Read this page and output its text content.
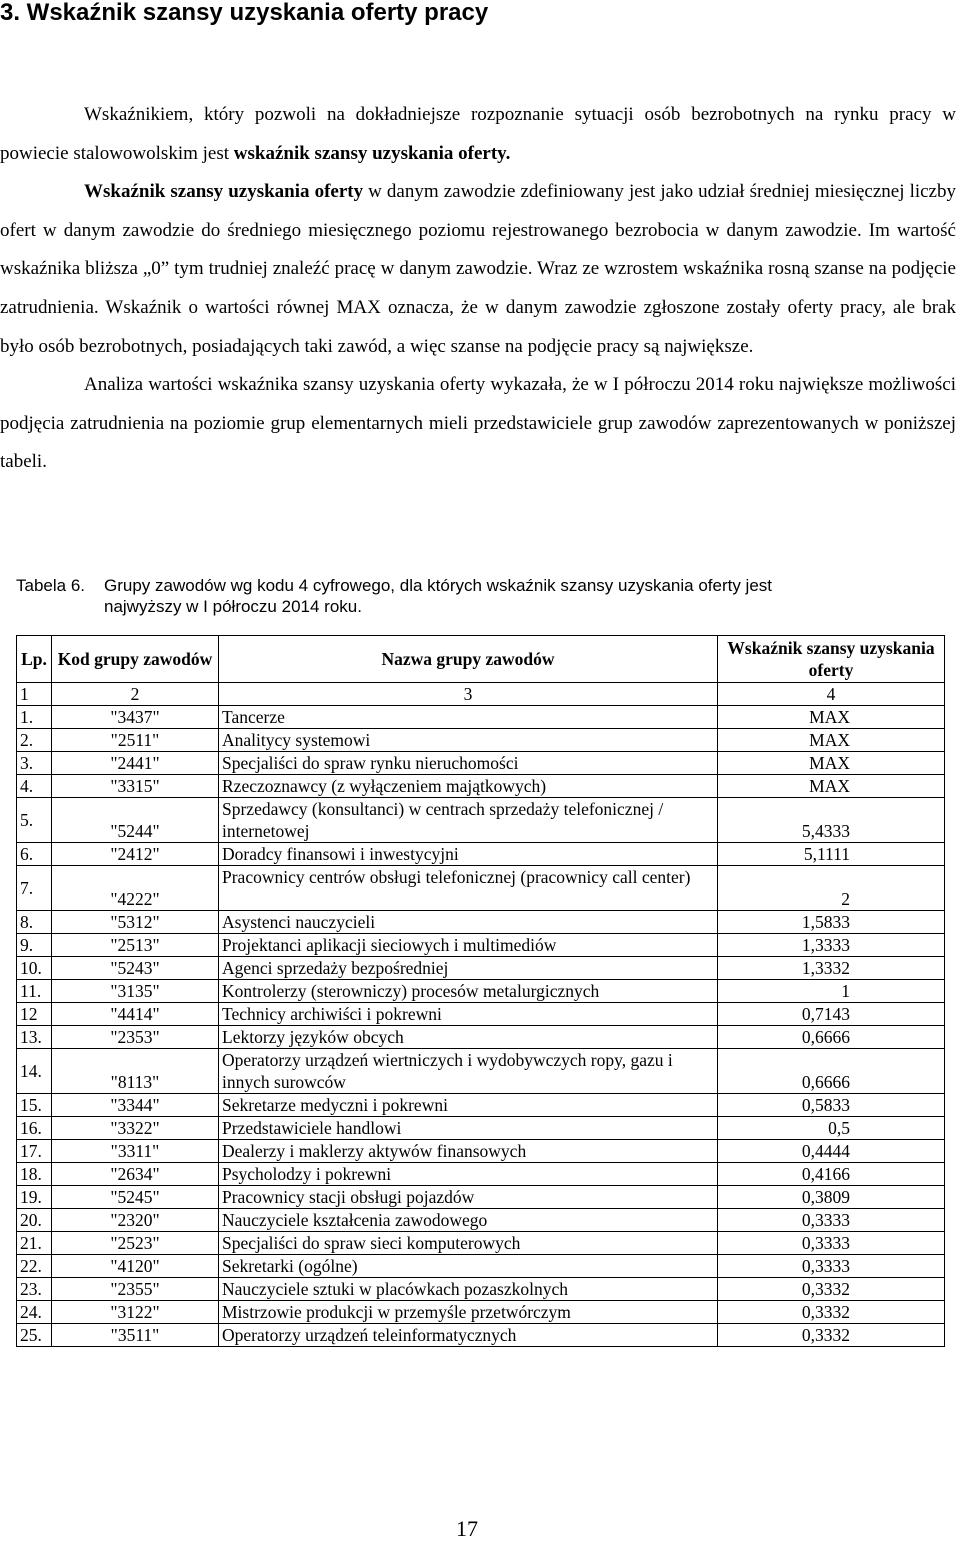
3. Wskaźnik szansy uzyskania oferty pracy

Wskaźnikiem, który pozwoli na dokładniejsze rozpoznanie sytuacji osób bezrobotnych na rynku pracy w powiecie stalowowolskim jest wskaźnik szansy uzyskania oferty.

Wskaźnik szansy uzyskania oferty w danym zawodzie zdefiniowany jest jako udział średniej miesięcznej liczby ofert w danym zawodzie do średniego miesięcznego poziomu rejestrowanego bezrobocia w danym zawodzie. Im wartość wskaźnika bliższa „0” tym trudniej znaleźć pracę w danym zawodzie. Wraz ze wzrostem wskaźnika rosną szanse na podjęcie zatrudnienia. Wskaźnik o wartości równej MAX oznacza, że w danym zawodzie zgłoszone zostały oferty pracy, ale brak było osób bezrobotnych, posiadających taki zawód, a więc szanse na podjęcie pracy są największe.

Analiza wartości wskaźnika szansy uzyskania oferty wykazała, że w I półroczu 2014 roku największe możliwości podjęcia zatrudnienia na poziomie grup elementarnych mieli przedstawiciele grup zawodów zaprezentowanych w poniższej tabeli.

Tabela 6. Grupy zawodów wg kodu 4 cyfrowego, dla których wskaźnik szansy uzyskania oferty jest
najwyższy w I półroczu 2014 roku.
Lp.	Kod grupy zawodów	Nazwa grupy zawodów	Wskaźnik szansy uzyskania oferty
1	2	3	4
1.	"3437"	Tancerze	MAX
2.	"2511"	Analitycy systemowi	MAX
3.	"2441"	Specjaliści do spraw rynku nieruchomości	MAX
4.	"3315"	Rzeczoznawcy (z wyłączeniem majątkowych)	MAX
5.	"5244"	Sprzedawcy (konsultanci) w centrach sprzedaży telefonicznej / internetowej	5,4333
6.	"2412"	Doradcy finansowi i inwestycyjni	5,1111
7.	"4222"	Pracownicy centrów obsługi telefonicznej (pracownicy call center)	2
8.	"5312"	Asystenci nauczycieli	1,5833
9.	"2513"	Projektanci aplikacji sieciowych i multimediów	1,3333
10.	"5243"	Agenci sprzedaży bezpośredniej	1,3332
11.	"3135"	Kontrolerzy (sterowniczy) procesów metalurgicznych	1
12	"4414"	Technicy archiwiści i pokrewni	0,7143
13.	"2353"	Lektorzy języków obcych	0,6666
14.	"8113"	Operatorzy urządzeń wiertniczych i wydobywczych ropy, gazu i innych surowców	0,6666
15.	"3344"	Sekretarze medyczni i pokrewni	0,5833
16.	"3322"	Przedstawiciele handlowi	0,5
17.	"3311"	Dealerzy i maklerzy aktywów finansowych	0,4444
18.	"2634"	Psycholodzy i pokrewni	0,4166
19.	"5245"	Pracownicy stacji obsługi pojazdów	0,3809
20.	"2320"	Nauczyciele kształcenia zawodowego	0,3333
21.	"2523"	Specjaliści do spraw sieci komputerowych	0,3333
22.	"4120"	Sekretarki (ogólne)	0,3333
23.	"2355"	Nauczyciele sztuki w placówkach pozaszkolnych	0,3332
24.	"3122"	Mistrzowie produkcji w przemyśle przetwórczym	0,3332
25.	"3511"	Operatorzy urządzeń teleinformatycznych	0,3332
17
